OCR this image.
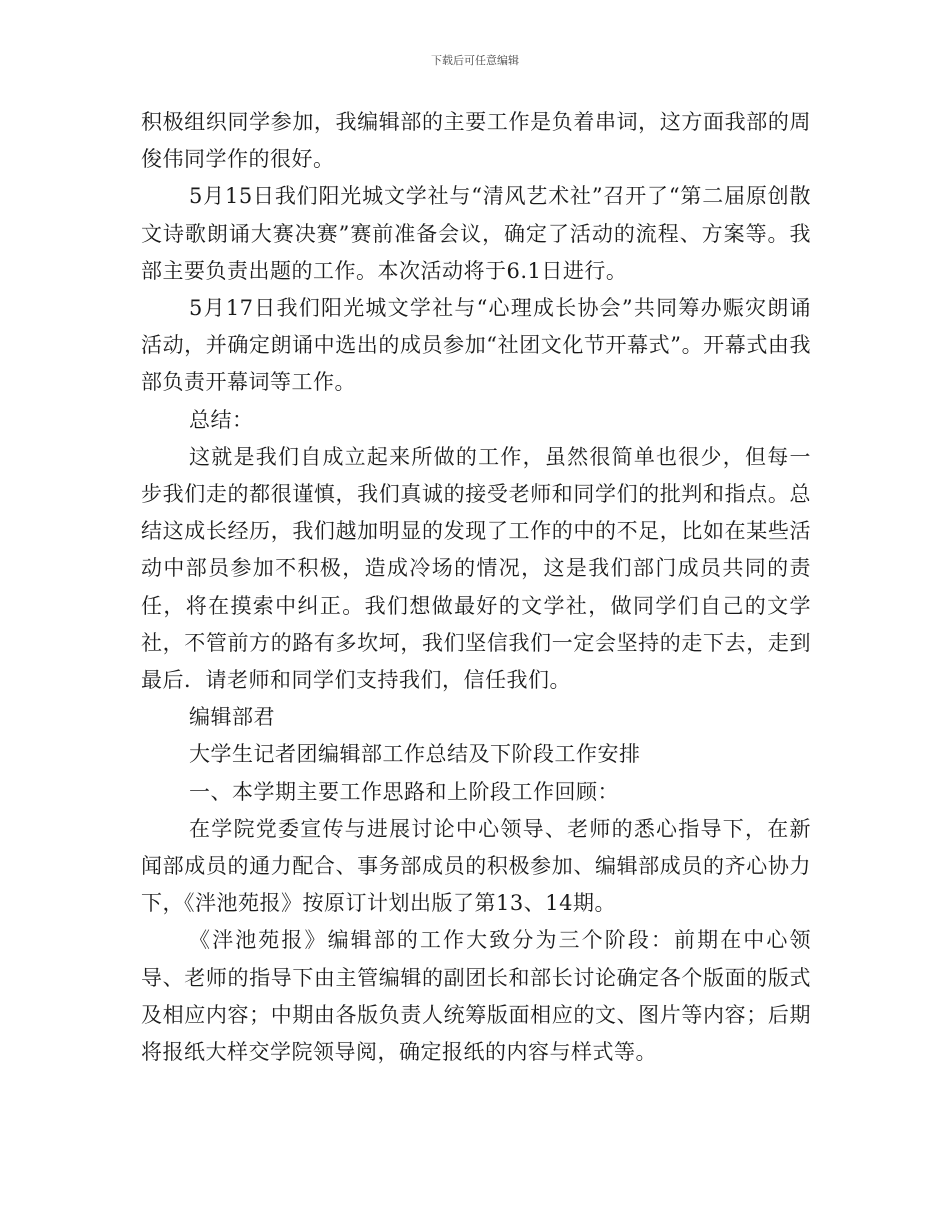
下载后可任意编辑

积极组织同学参加，我编辑部的主要工作是负着串词，这方面我部的周俊伟同学作的很好。

5月15日我们阳光城文学社与“清风艺术社”召开了“第二届原创散文诗歌朗诵大赛决赛”赛前准备会议，确定了活动的流程、方案等。我部主要负责出题的工作。本次活动将于6.1日进行。

5月17日我们阳光城文学社与“心理成长协会”共同筹办赈灾朗诵活动，并确定朗诵中选出的成员参加“社团文化节开幕式”。开幕式由我部负责开幕词等工作。

总结：

这就是我们自成立起来所做的工作，虽然很简单也很少，但每一步我们走的都很谨慎，我们真诚的接受老师和同学们的批判和指点。总结这成长经历，我们越加明显的发现了工作的中的不足，比如在某些活动中部员参加不积极，造成冷场的情况，这是我们部门成员共同的责任，将在摸索中纠正。我们想做最好的文学社，做同学们自己的文学社，不管前方的路有多坎坷，我们坚信我们一定会坚持的走下去，走到最后．请老师和同学们支持我们，信任我们。

编辑部君

大学生记者团编辑部工作总结及下阶段工作安排

一、本学期主要工作思路和上阶段工作回顾：

在学院党委宣传与进展讨论中心领导、老师的悉心指导下，在新闻部成员的通力配合、事务部成员的积极参加、编辑部成员的齐心协力下，《泮池苑报》按原订计划出版了第13、14期。

《泮池苑报》编辑部的工作大致分为三个阶段：前期在中心领导、老师的指导下由主管编辑的副团长和部长讨论确定各个版面的版式及相应内容；中期由各版负责人统筹版面相应的文、图片等内容；后期将报纸大样交学院领导阅，确定报纸的内容与样式等。
